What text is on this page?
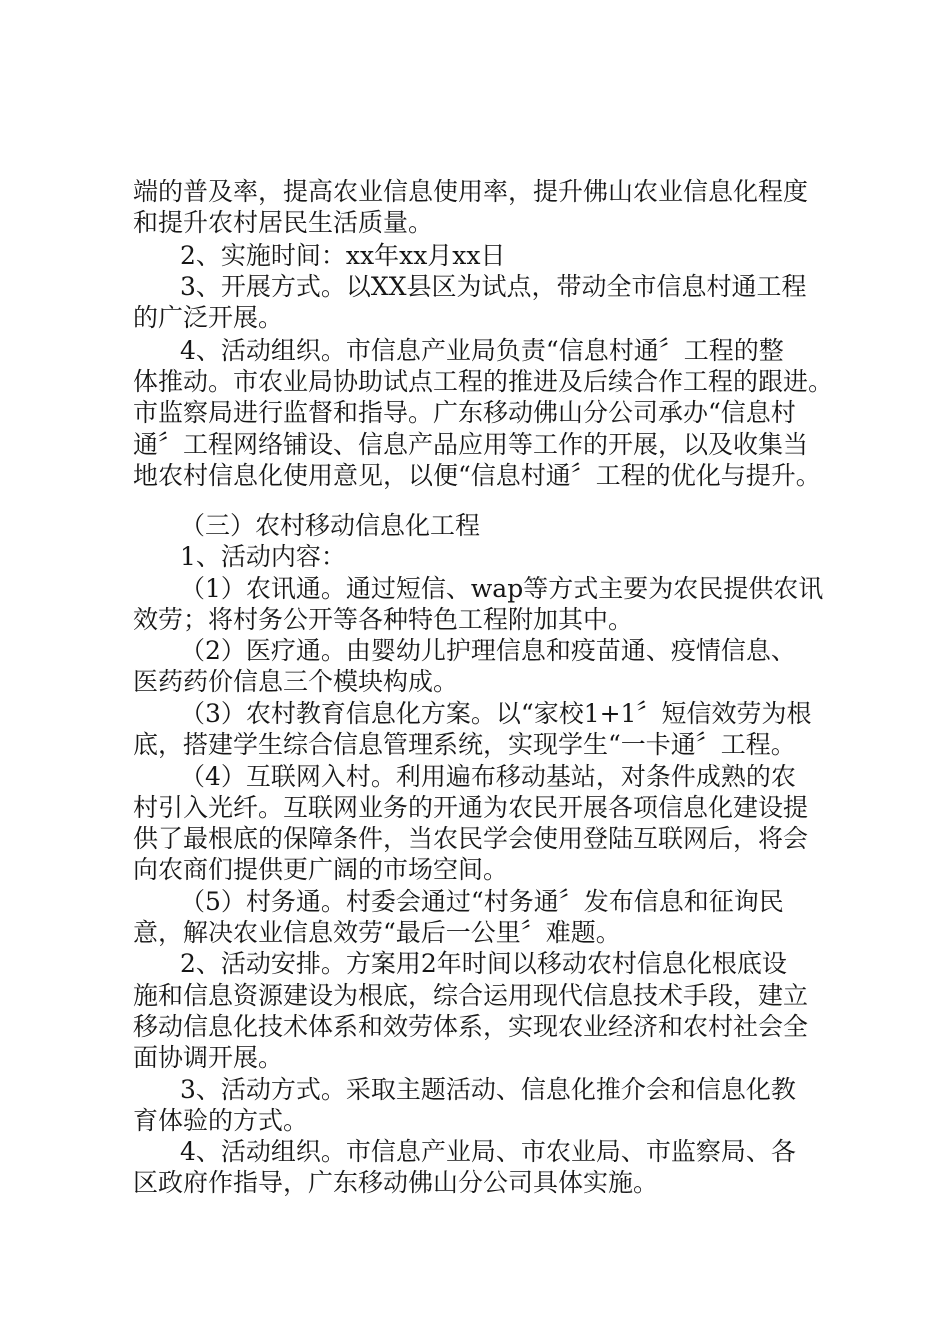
端的普及率，提高农业信息使用率，提升佛山农业信息化程度
和提升农村居民生活质量。
2、实施时间：xx年xx月xx日
3、开展方式。以XX县区为试点，带动全市信息村通工程
的广泛开展。
4、活动组织。市信息产业局负责“信息村通〞工程的整
体推动。市农业局协助试点工程的推进及后续合作工程的跟进。
市监察局进行监督和指导。广东移动佛山分公司承办“信息村
通〞工程网络铺设、信息产品应用等工作的开展，以及收集当
地农村信息化使用意见，以便“信息村通〞工程的优化与提升。
（三）农村移动信息化工程
1、活动内容：
（1）农讯通。通过短信、wap等方式主要为农民提供农讯
效劳；将村务公开等各种特色工程附加其中。
（2）医疗通。由婴幼儿护理信息和疫苗通、疫情信息、
医药药价信息三个模块构成。
（3）农村教育信息化方案。以“家校1+1〞短信效劳为根
底，搭建学生综合信息管理系统，实现学生“一卡通〞工程。
（4）互联网入村。利用遍布移动基站，对条件成熟的农
村引入光纤。互联网业务的开通为农民开展各项信息化建设提
供了最根底的保障条件，当农民学会使用登陆互联网后，将会
向农商们提供更广阔的市场空间。
（5）村务通。村委会通过“村务通〞发布信息和征询民
意，解决农业信息效劳“最后一公里〞难题。
2、活动安排。方案用2年时间以移动农村信息化根底设
施和信息资源建设为根底，综合运用现代信息技术手段，建立
移动信息化技术体系和效劳体系，实现农业经济和农村社会全
面协调开展。
3、活动方式。采取主题活动、信息化推介会和信息化教
育体验的方式。
4、活动组织。市信息产业局、市农业局、市监察局、各
区政府作指导，广东移动佛山分公司具体实施。
